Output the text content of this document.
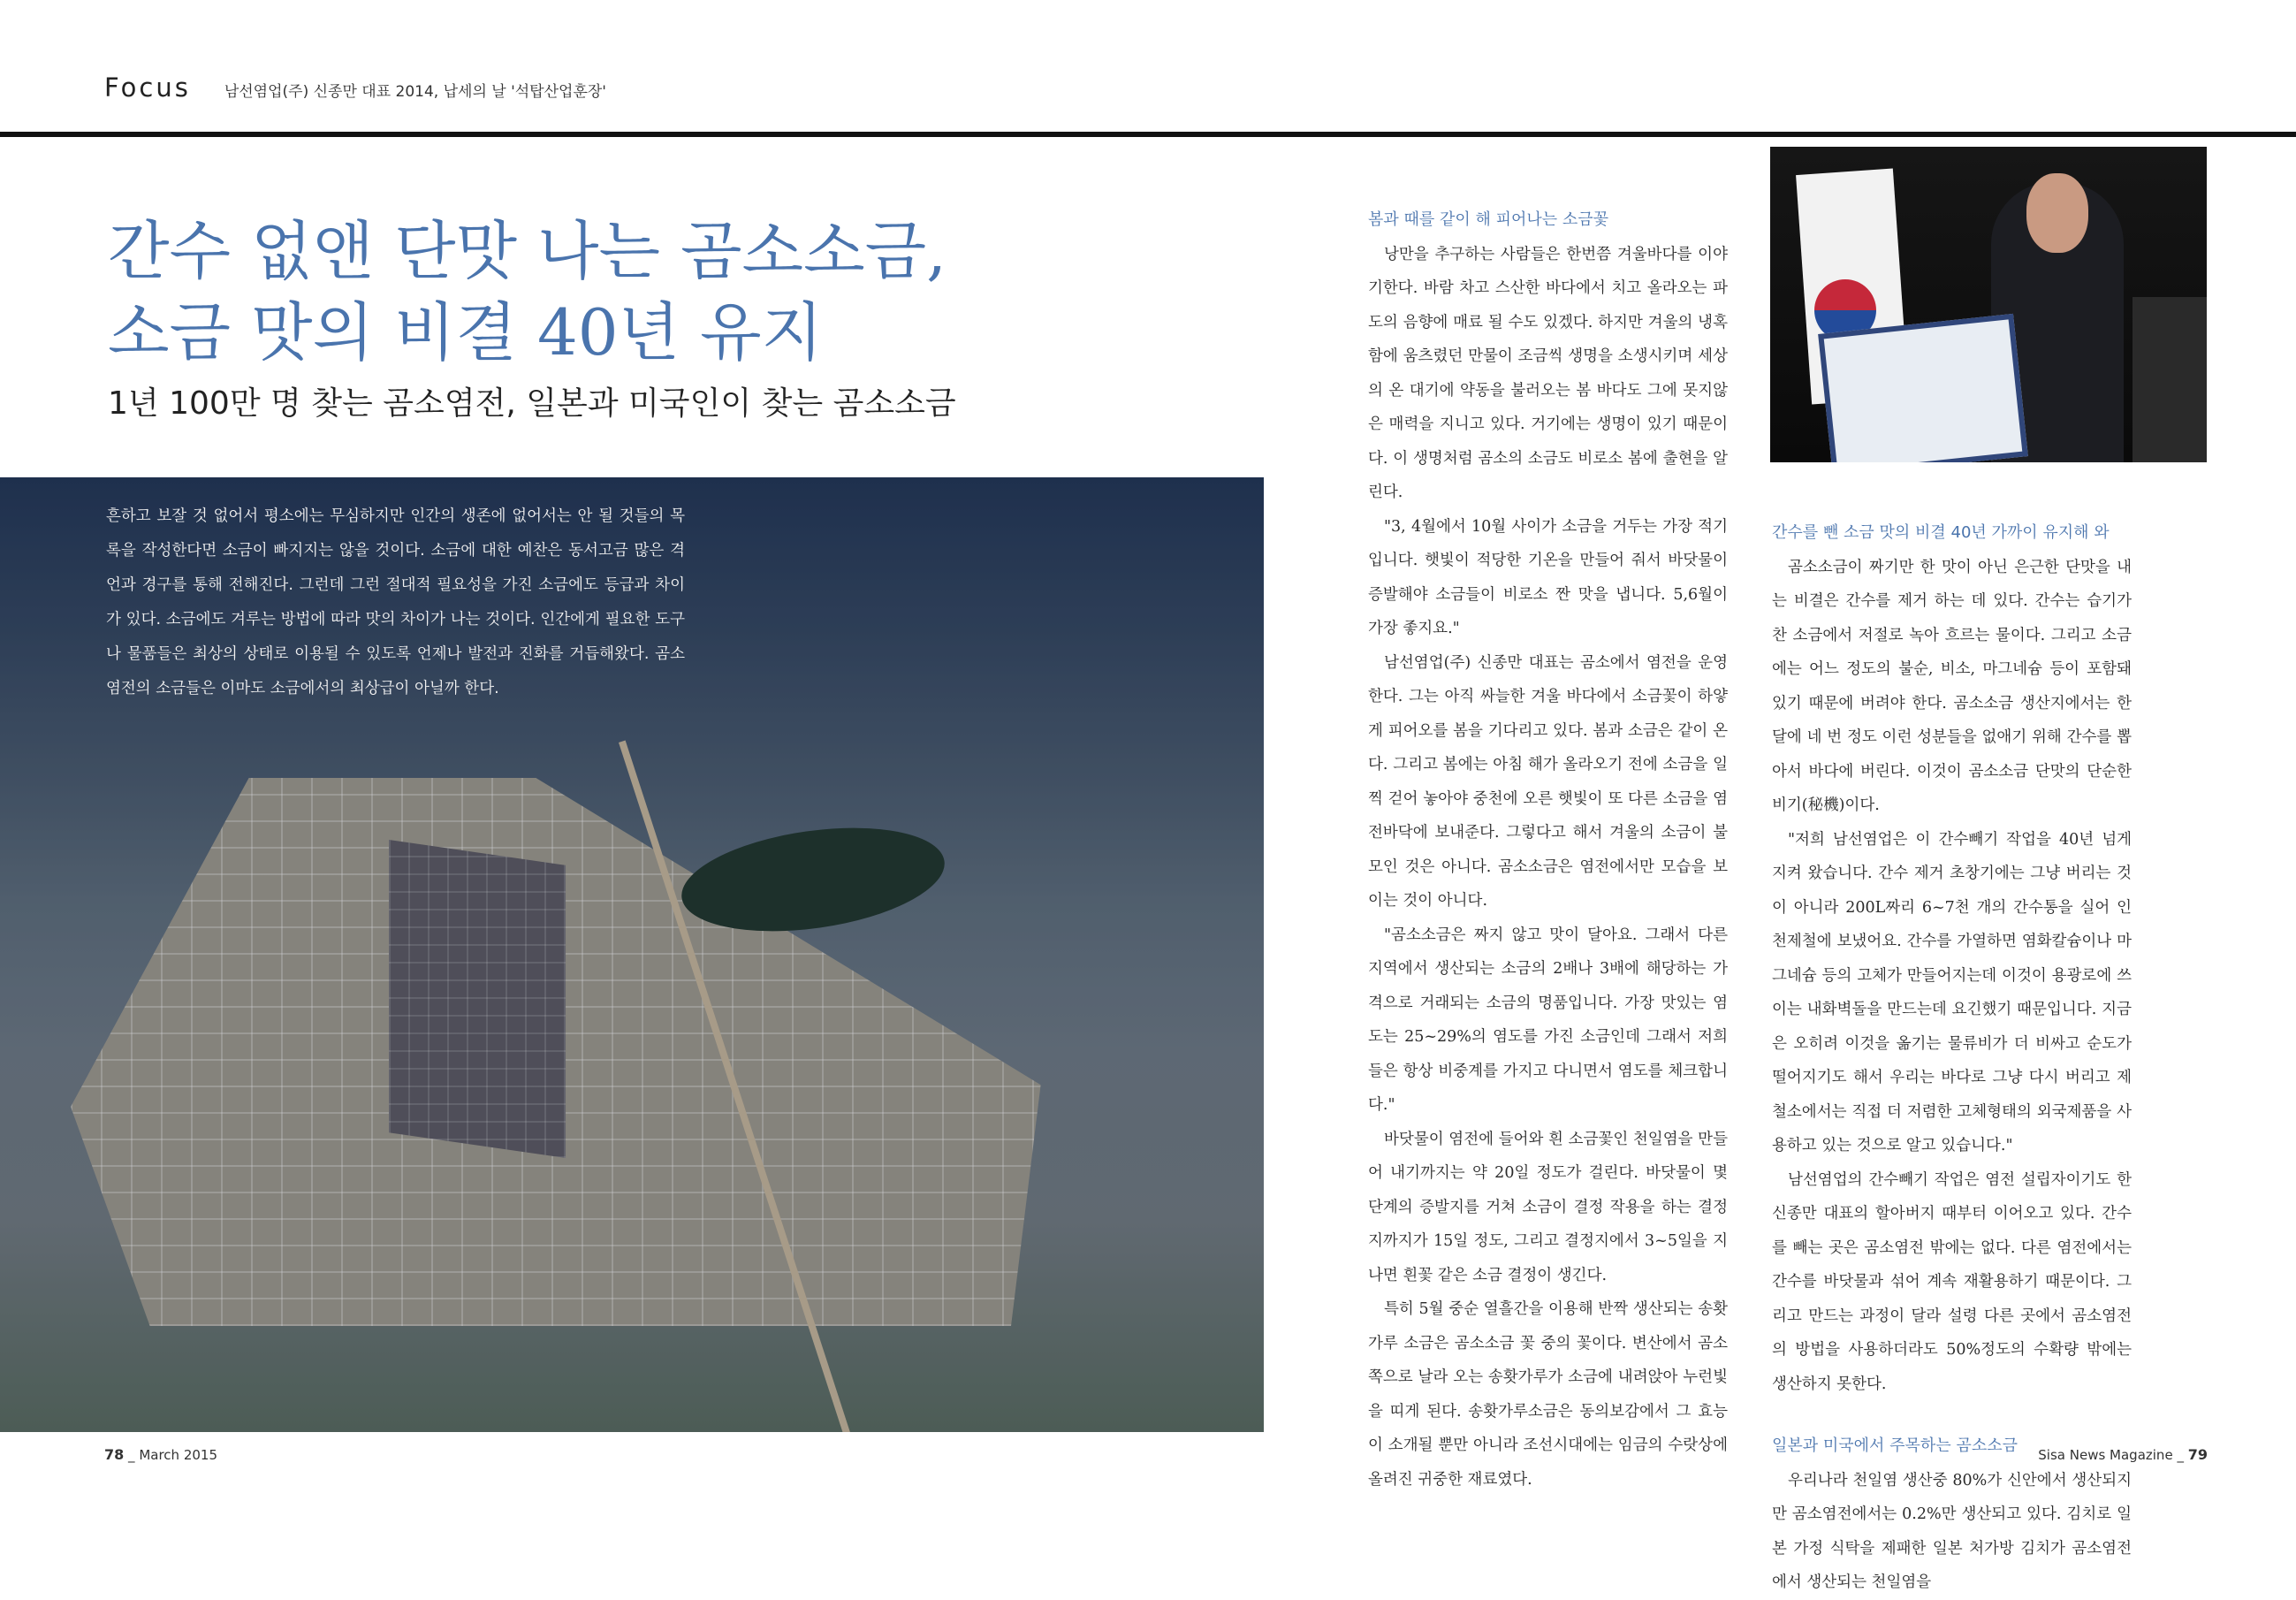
Focus 남선염업(주) 신종만 대표 2014, 납세의 날 '석탑산업훈장'
간수 없앤 단맛 나는 곰소소금,
소금 맛의 비결 40년 유지
1년 100만 명 찾는 곰소염전, 일본과 미국인이 찾는 곰소소금

흔하고 보잘 것 없어서 평소에는 무심하지만 인간의 생존에 없어서는 안 될 것들의 목록을 작성한다면 소금이 빠지지는 않을 것이다. 소금에 대한 예찬은 동서고금 많은 격언과 경구를 통해 전해진다. 그런데 그런 절대적 필요성을 가진 소금에도 등급과 차이가 있다. 소금에도 겨루는 방법에 따라 맛의 차이가 나는 것이다. 인간에게 필요한 도구나 물품들은 최상의 상태로 이용될 수 있도록 언제나 발전과 진화를 거듭해왔다. 곰소염전의 소금들은 이마도 소금에서의 최상급이 아닐까 한다.

봄과 때를 같이 해 피어나는 소금꽃

낭만을 추구하는 사람들은 한번쯤 겨울바다를 이야기한다. 바람 차고 스산한 바다에서 치고 올라오는 파도의 음향에 매료 될 수도 있겠다. 하지만 겨울의 냉혹함에 움츠렸던 만물이 조금씩 생명을 소생시키며 세상의 온 대기에 약동을 불러오는 봄 바다도 그에 못지않은 매력을 지니고 있다. 거기에는 생명이 있기 때문이다. 이 생명처럼 곰소의 소금도 비로소 봄에 출현을 알린다.

"3, 4월에서 10월 사이가 소금을 거두는 가장 적기입니다. 햇빛이 적당한 기온을 만들어 줘서 바닷물이 증발해야 소금들이 비로소 짠 맛을 냅니다. 5,6월이 가장 좋지요."

남선염업(주) 신종만 대표는 곰소에서 염전을 운영한다. 그는 아직 싸늘한 겨울 바다에서 소금꽃이 하얗게 피어오를 봄을 기다리고 있다. 봄과 소금은 같이 온다. 그리고 봄에는 아침 해가 올라오기 전에 소금을 일찍 걷어 놓아야 중천에 오른 햇빛이 또 다른 소금을 염전바닥에 보내준다. 그렇다고 해서 겨울의 소금이 불모인 것은 아니다. 곰소소금은 염전에서만 모습을 보이는 것이 아니다.

"곰소소금은 짜지 않고 맛이 달아요. 그래서 다른 지역에서 생산되는 소금의 2배나 3배에 해당하는 가격으로 거래되는 소금의 명품입니다. 가장 맛있는 염도는 25~29%의 염도를 가진 소금인데 그래서 저희들은 항상 비중계를 가지고 다니면서 염도를 체크합니다."

바닷물이 염전에 들어와 흰 소금꽃인 천일염을 만들어 내기까지는 약 20일 정도가 걸린다. 바닷물이 몇 단계의 증발지를 거쳐 소금이 결정 작용을 하는 결정지까지가 15일 정도, 그리고 결정지에서 3~5일을 지나면 흰꽃 같은 소금 결정이 생긴다.

특히 5월 중순 열흘간을 이용해 반짝 생산되는 송홧가루 소금은 곰소소금 꽃 중의 꽃이다. 변산에서 곰소 쪽으로 날라 오는 송홧가루가 소금에 내려앉아 누런빛을 띠게 된다. 송홧가루소금은 동의보감에서 그 효능이 소개될 뿐만 아니라 조선시대에는 임금의 수랏상에 올려진 귀중한 재료였다.

간수를 뺀 소금 맛의 비결 40년 가까이 유지해 와

곰소소금이 짜기만 한 맛이 아닌 은근한 단맛을 내는 비결은 간수를 제거 하는 데 있다. 간수는 습기가 찬 소금에서 저절로 녹아 흐르는 물이다. 그리고 소금에는 어느 정도의 불순, 비소, 마그네슘 등이 포함돼 있기 때문에 버려야 한다. 곰소소금 생산지에서는 한 달에 네 번 정도 이런 성분들을 없애기 위해 간수를 뽑아서 바다에 버린다. 이것이 곰소소금 단맛의 단순한 비기(秘機)이다.

"저희 남선염업은 이 간수빼기 작업을 40년 넘게 지켜 왔습니다. 간수 제거 초창기에는 그냥 버리는 것이 아니라 200L짜리 6~7천 개의 간수통을 실어 인천제철에 보냈어요. 간수를 가열하면 염화칼슘이나 마그네슘 등의 고체가 만들어지는데 이것이 용광로에 쓰이는 내화벽돌을 만드는데 요긴했기 때문입니다. 지금은 오히려 이것을 옮기는 물류비가 더 비싸고 순도가 떨어지기도 해서 우리는 바다로 그냥 다시 버리고 제철소에서는 직접 더 저렴한 고체형태의 외국제품을 사용하고 있는 것으로 알고 있습니다."

남선염업의 간수빼기 작업은 염전 설립자이기도 한 신종만 대표의 할아버지 때부터 이어오고 있다. 간수를 빼는 곳은 곰소염전 밖에는 없다. 다른 염전에서는 간수를 바닷물과 섞어 계속 재활용하기 때문이다. 그리고 만드는 과정이 달라 설령 다른 곳에서 곰소염전의 방법을 사용하더라도 50%정도의 수확량 밖에는 생산하지 못한다.

일본과 미국에서 주목하는 곰소소금

우리나라 천일염 생산중 80%가 신안에서 생산되지만 곰소염전에서는 0.2%만 생산되고 있다. 김치로 일본 가정 식탁을 제패한 일본 처가방 김치가 곰소염전에서 생산되는 천일염을

78 _ March 2015	Sisa News Magazine _ 79
